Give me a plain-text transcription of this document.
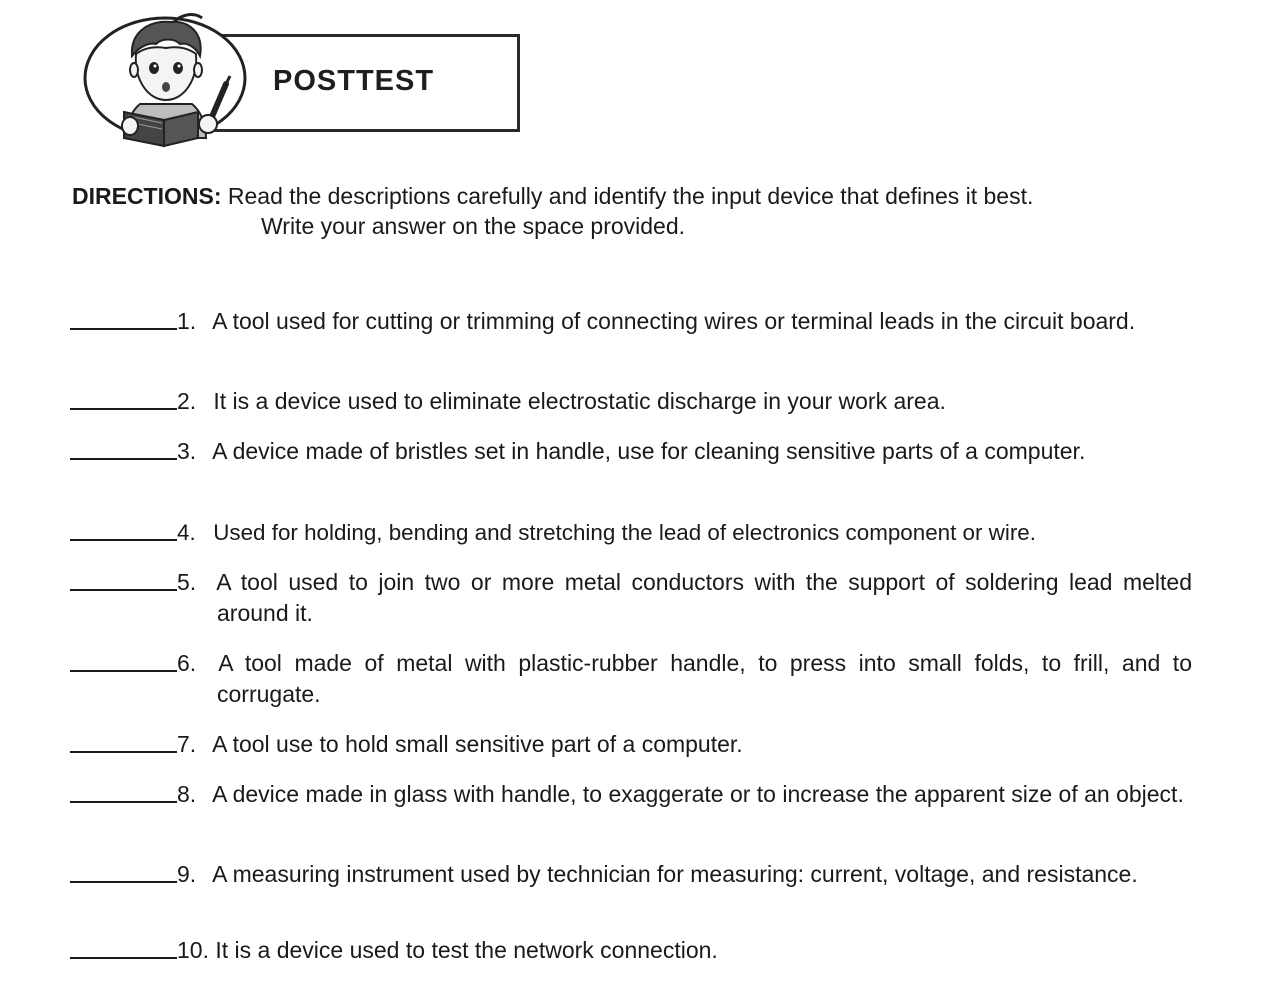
POSTTEST
DIRECTIONS: Read the descriptions carefully and identify the input device that defines it best.
Write your answer on the space provided.
1. A tool used for cutting or trimming of connecting wires or terminal leads in the circuit board.
2. It is a device used to eliminate electrostatic discharge in your work area.
3. A device made of bristles set in handle, use for cleaning sensitive parts of a computer.
4. Used for holding, bending and stretching the lead of electronics component or wire.
5. A tool used to join two or more metal conductors with the support of soldering lead melted around it.
6. A tool made of metal with plastic-rubber handle, to press into small folds, to frill, and to corrugate.
7. A tool use to hold small sensitive part of a computer.
8. A device made in glass with handle, to exaggerate or to increase the apparent size of an object.
9. A measuring instrument used by technician for measuring: current, voltage, and resistance.
10. It is a device used to test the network connection.
